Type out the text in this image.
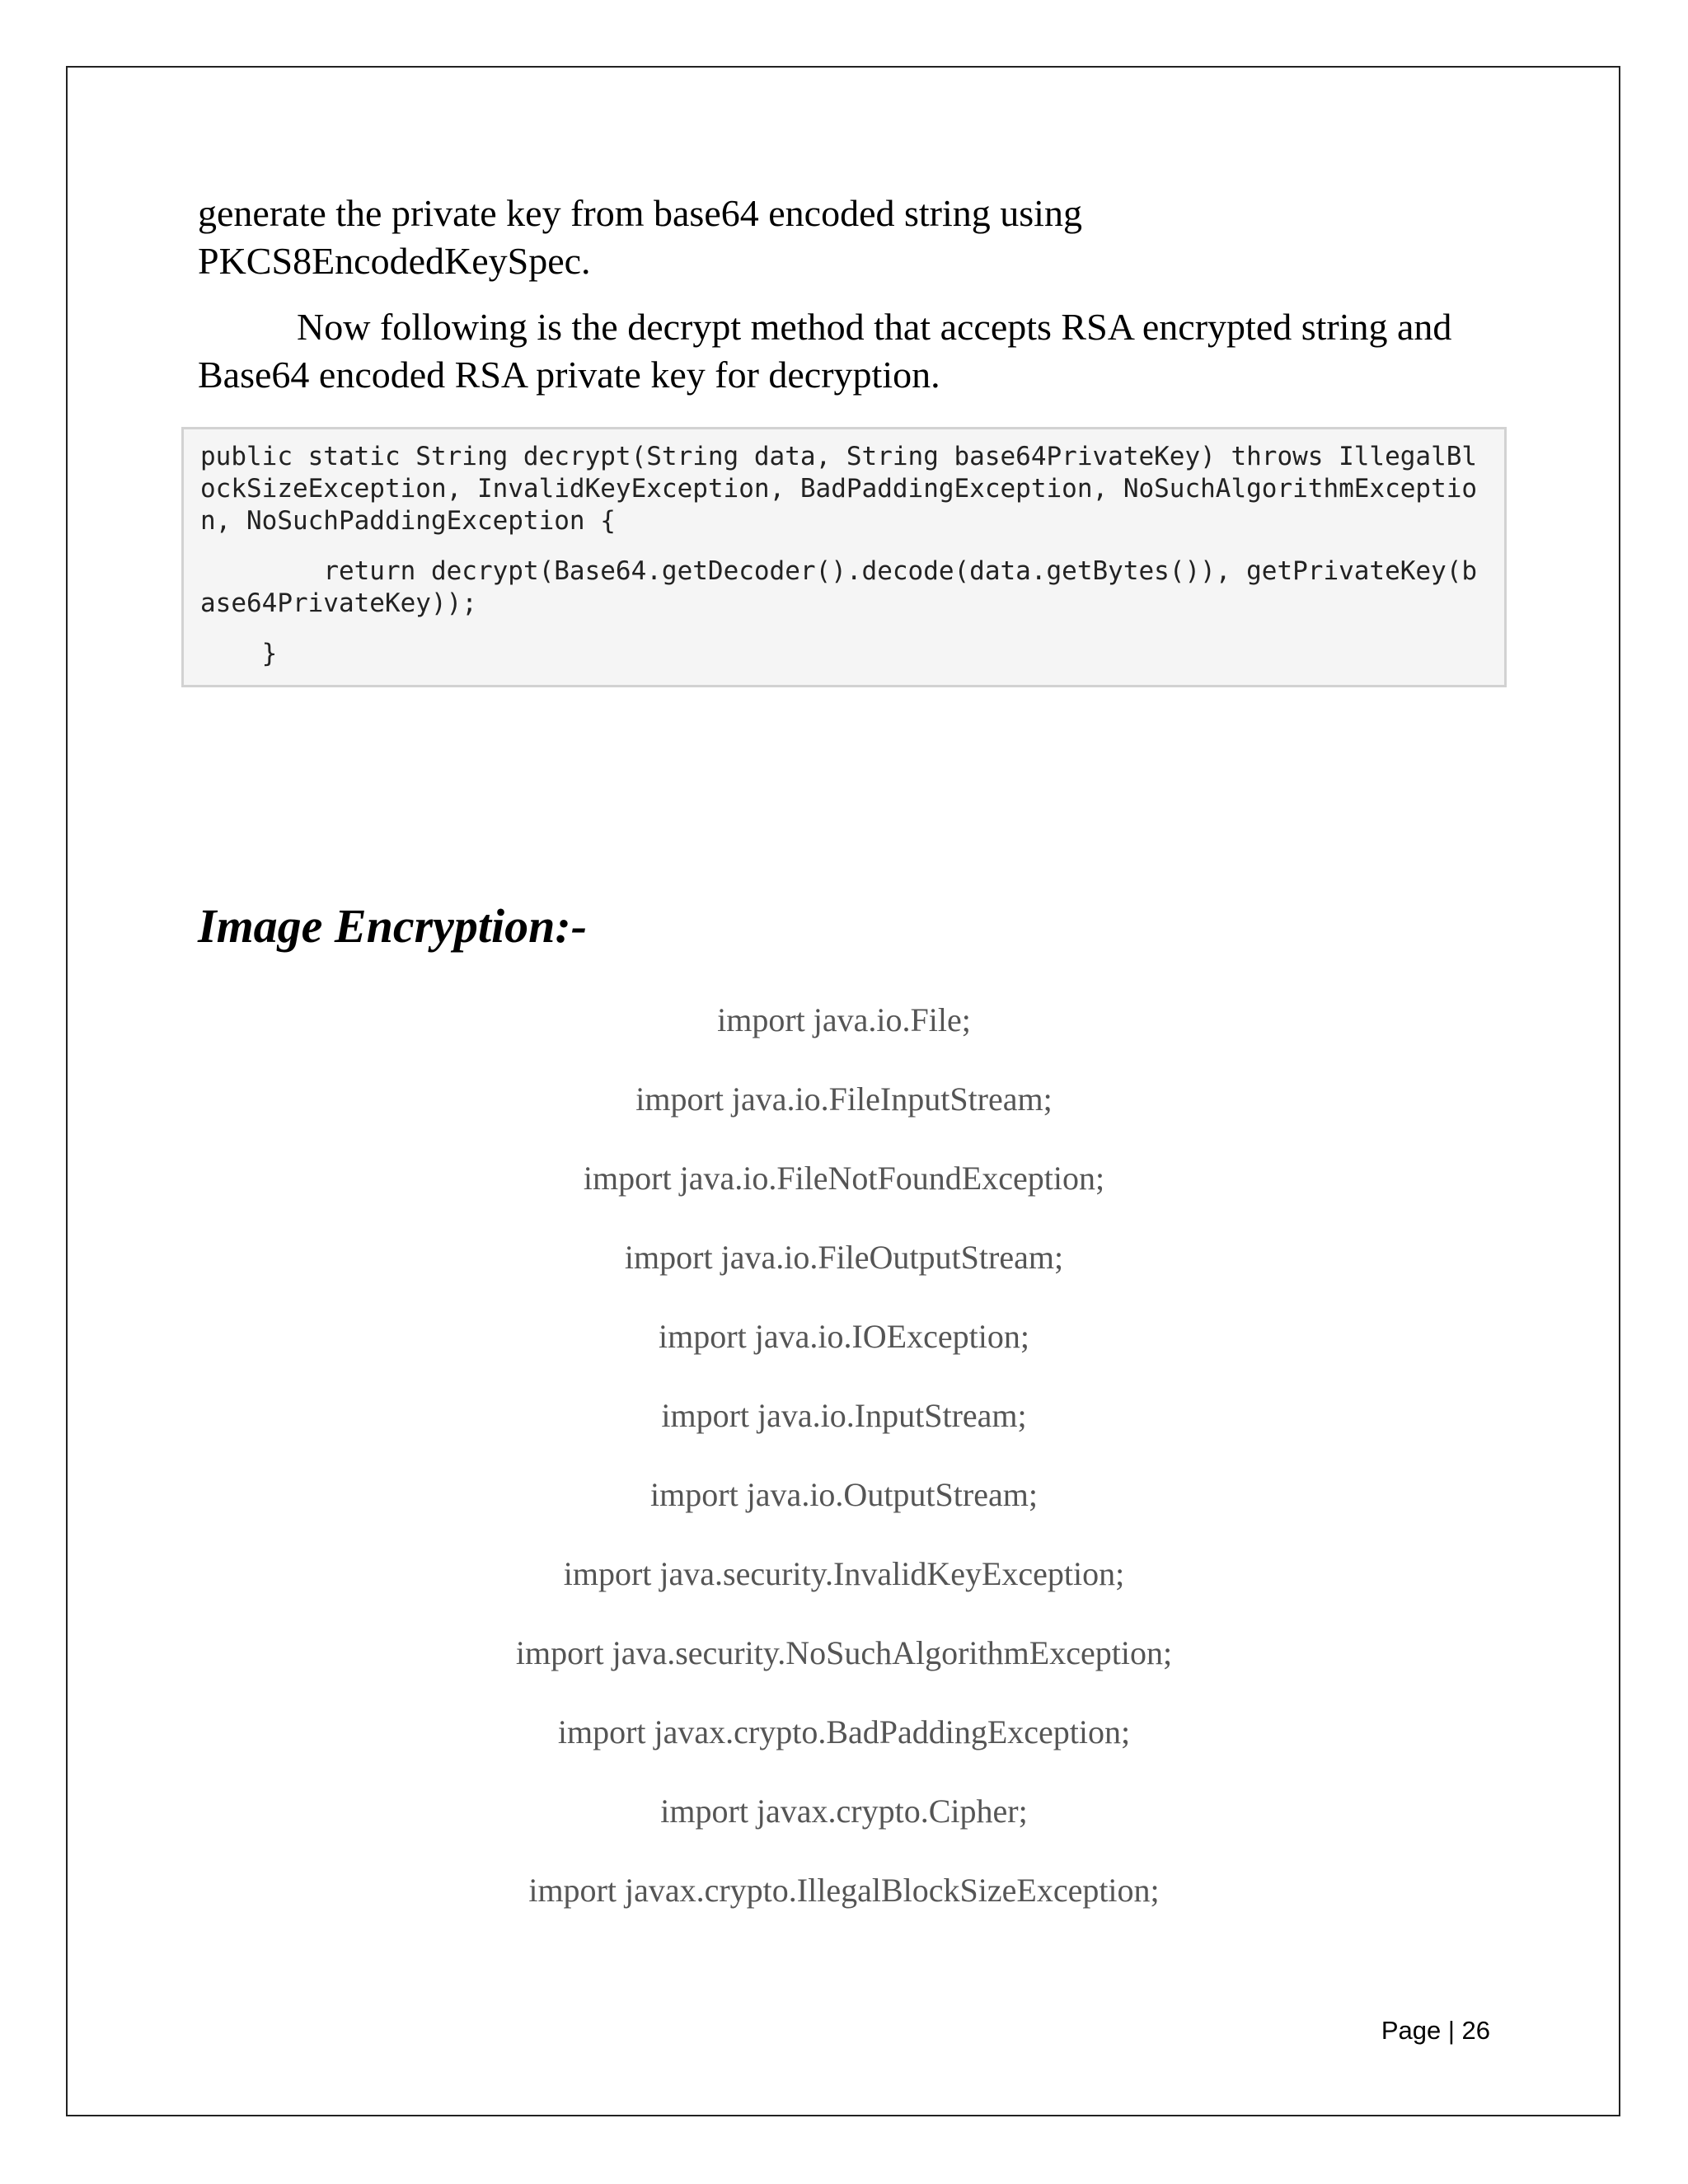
generate the private key from base64 encoded string using PKCS8EncodedKeySpec.

Now following is the decrypt method that accepts RSA encrypted string and Base64 encoded RSA private key for decryption.

public static String decrypt(String data, String base64PrivateKey) throws IllegalBlockSizeException, InvalidKeyException, BadPaddingException, NoSuchAlgorithmException, NoSuchPaddingException {
return decrypt(Base64.getDecoder().decode(data.getBytes()), getPrivateKey(base64PrivateKey));
}
Image Encryption:-
import java.io.File;
import java.io.FileInputStream;
import java.io.FileNotFoundException;
import java.io.FileOutputStream;
import java.io.IOException;
import java.io.InputStream;
import java.io.OutputStream;
import java.security.InvalidKeyException;
import java.security.NoSuchAlgorithmException;
import javax.crypto.BadPaddingException;
import javax.crypto.Cipher;
import javax.crypto.IllegalBlockSizeException;
Page | 26
